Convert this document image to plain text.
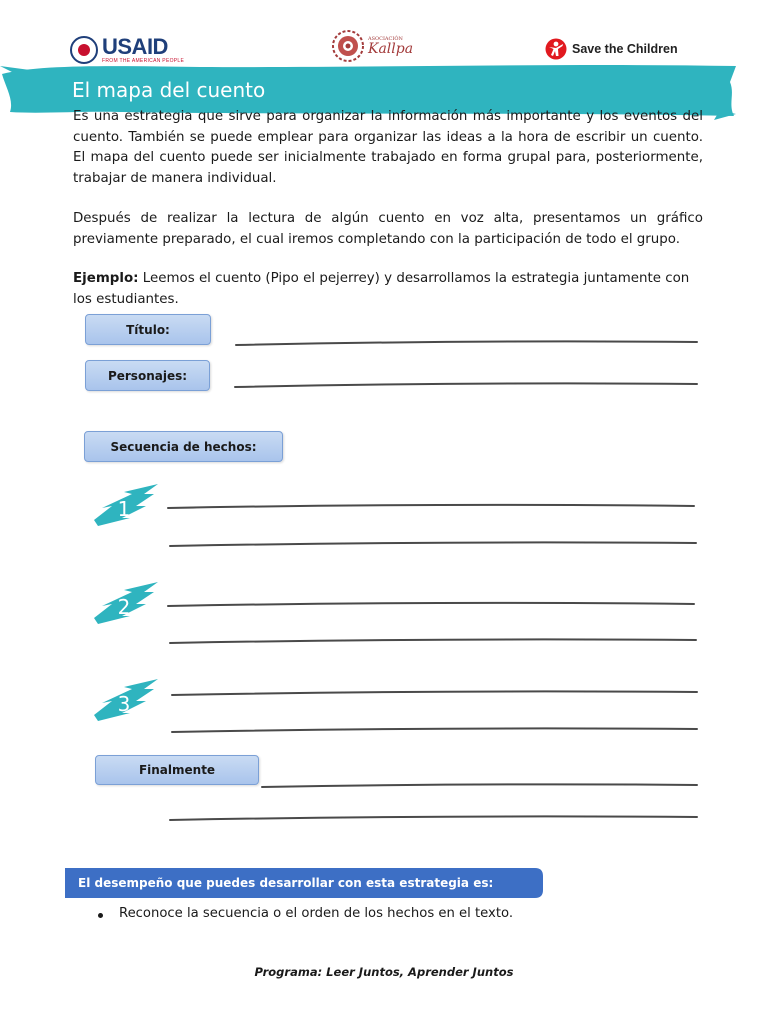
USAID
FROM THE AMERICAN PEOPLE
ASOCIACIÓN
Kallpa	Save the Children
El mapa del cuento
Es una estrategia que sirve para organizar la información más importante y los eventos del cuento. También se puede emplear para organizar las ideas a la hora de escribir un cuento. El mapa del cuento puede ser inicialmente trabajado en forma grupal para, posteriormente, trabajar de manera individual.
Después de realizar la lectura de algún cuento en voz alta, presentamos un gráfico previamente preparado, el cual iremos completando con la participación de todo el grupo.
Ejemplo: Leemos el cuento (Pipo el pejerrey) y desarrollamos la estrategia juntamente con los estudiantes.
Título:
Personajes:
Secuencia de hechos:
Finalmente
1
2
3
El desempeño que puedes desarrollar con esta estrategia es:
Reconoce la secuencia o el orden de los hechos en el texto.
Programa: Leer Juntos, Aprender Juntos
